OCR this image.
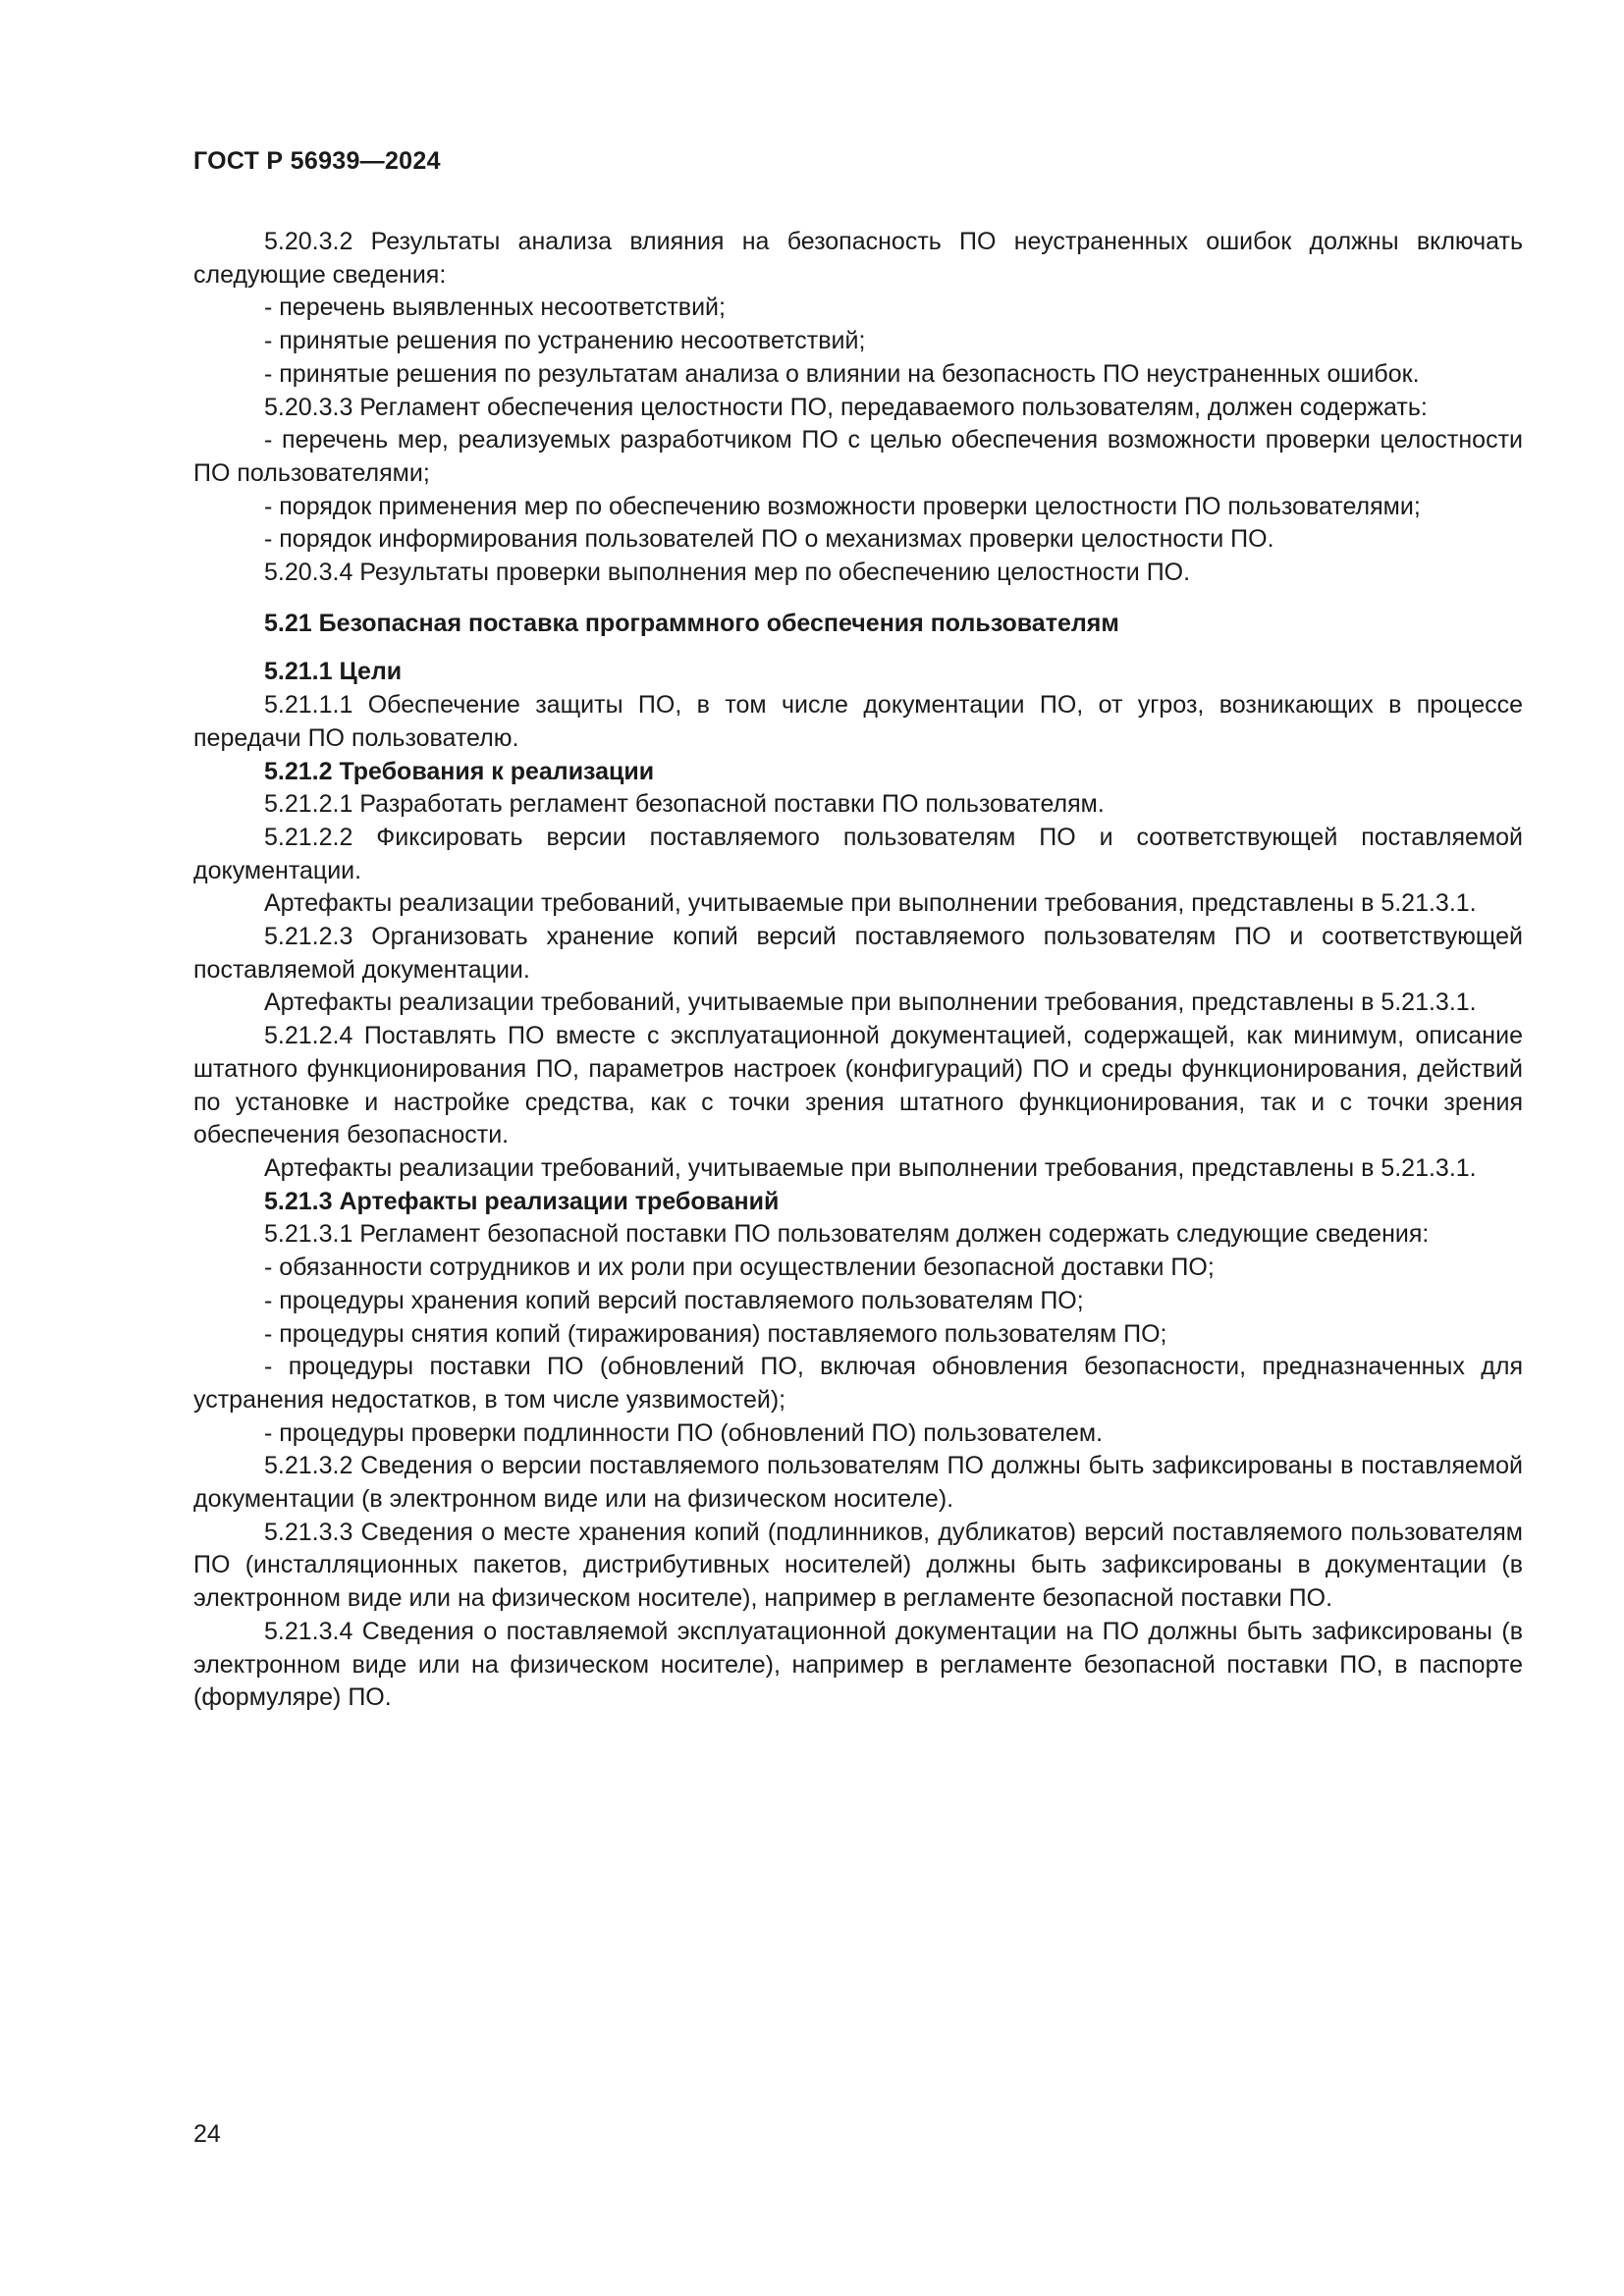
ГОСТ Р 56939—2024

5.20.3.2 Результаты анализа влияния на безопасность ПО неустраненных ошибок должны включать следующие сведения:

- перечень выявленных несоответствий;

- принятые решения по устранению несоответствий;

- принятые решения по результатам анализа о влиянии на безопасность ПО неустраненных ошибок.

5.20.3.3 Регламент обеспечения целостности ПО, передаваемого пользователям, должен содержать:

- перечень мер, реализуемых разработчиком ПО с целью обеспечения возможности проверки целостности ПО пользователями;

- порядок применения мер по обеспечению возможности проверки целостности ПО пользователями;

- порядок информирования пользователей ПО о механизмах проверки целостности ПО.

5.20.3.4 Результаты проверки выполнения мер по обеспечению целостности ПО.

5.21 Безопасная поставка программного обеспечения пользователям

5.21.1 Цели

5.21.1.1 Обеспечение защиты ПО, в том числе документации ПО, от угроз, возникающих в процессе передачи ПО пользователю.

5.21.2 Требования к реализации

5.21.2.1 Разработать регламент безопасной поставки ПО пользователям.

5.21.2.2 Фиксировать версии поставляемого пользователям ПО и соответствующей поставляемой документации.

Артефакты реализации требований, учитываемые при выполнении требования, представлены в 5.21.3.1.

5.21.2.3 Организовать хранение копий версий поставляемого пользователям ПО и соответствующей поставляемой документации.

Артефакты реализации требований, учитываемые при выполнении требования, представлены в 5.21.3.1.

5.21.2.4 Поставлять ПО вместе с эксплуатационной документацией, содержащей, как минимум, описание штатного функционирования ПО, параметров настроек (конфигураций) ПО и среды функционирования, действий по установке и настройке средства, как с точки зрения штатного функционирования, так и с точки зрения обеспечения безопасности.

Артефакты реализации требований, учитываемые при выполнении требования, представлены в 5.21.3.1.

5.21.3 Артефакты реализации требований

5.21.3.1 Регламент безопасной поставки ПО пользователям должен содержать следующие сведения:

- обязанности сотрудников и их роли при осуществлении безопасной доставки ПО;

- процедуры хранения копий версий поставляемого пользователям ПО;

- процедуры снятия копий (тиражирования) поставляемого пользователям ПО;

- процедуры поставки ПО (обновлений ПО, включая обновления безопасности, предназначенных для устранения недостатков, в том числе уязвимостей);

- процедуры проверки подлинности ПО (обновлений ПО) пользователем.

5.21.3.2 Сведения о версии поставляемого пользователям ПО должны быть зафиксированы в поставляемой документации (в электронном виде или на физическом носителе).

5.21.3.3 Сведения о месте хранения копий (подлинников, дубликатов) версий поставляемого пользователям ПО (инсталляционных пакетов, дистрибутивных носителей) должны быть зафиксированы в документации (в электронном виде или на физическом носителе), например в регламенте безопасной поставки ПО.

5.21.3.4 Сведения о поставляемой эксплуатационной документации на ПО должны быть зафиксированы (в электронном виде или на физическом носителе), например в регламенте безопасной поставки ПО, в паспорте (формуляре) ПО.

24
